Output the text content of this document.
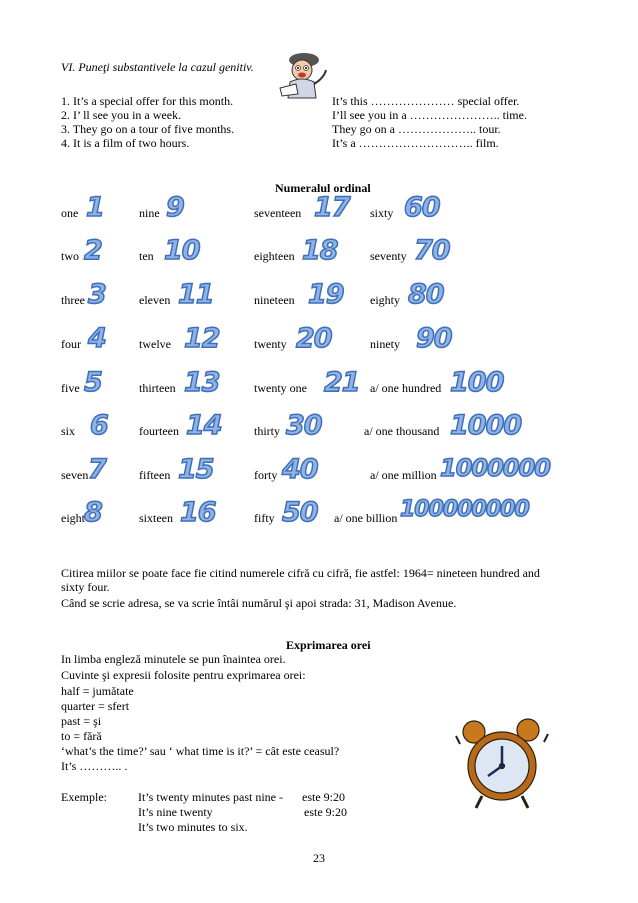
VI. Puneţi substantivele la cazul genitiv.
1. It’s a special offer for this month.
2. I’ ll see you in a week.
3. They go on a tour of five months.
4. It is a film of two hours.
It’s this ………………… special offer.
I’ll see you in a ………………….. time.
They go on a ……………….. tour.
It’s a ……………………….. film.
Numeralul ordinal
one 1
two 2
three 3
four 4
five 5
six 6
seven 7
eight 8
nine 9
ten 10
eleven 11
twelve 12
thirteen 13
fourteen 14
fifteen 15
sixteen 16
seventeen 17
eighteen 18
nineteen 19
twenty 20
twenty one 21
thirty 30
forty 40
fifty 50
sixty 60
seventy 70
eighty 80
ninety 90
a/ one hundred 100
a/ one thousand 1000
a/ one million 1000000
a/ one billion 100000000
Citirea miilor se poate face fie citind numerele cifră cu cifră, fie astfel: 1964= nineteen hundred and
sixty four.
Când se scrie adresa, se va scrie întâi numărul şi apoi strada: 31, Madison Avenue.
Exprimarea orei
In limba engleză minutele se pun înaintea orei.
Cuvinte şi expresii folosite pentru exprimarea orei:
half = jumătate
quarter = sfert
past = şi
to = fără
‘what’s the time?’ sau ‘ what time is it?’ = cât este ceasul?
It’s ……….. .
Exemple:	It’s twenty minutes past nine - este 9:20
It’s nine twenty	este 9:20
It’s two minutes to six.
.
23
